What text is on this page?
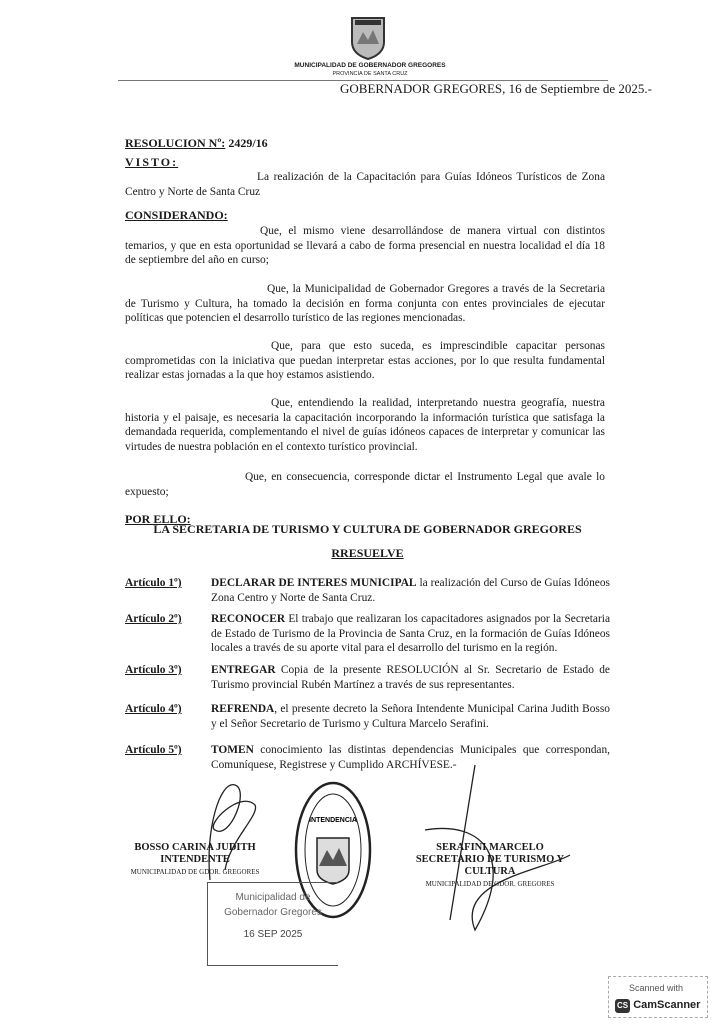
MUNICIPALIDAD DE GOBERNADOR GREGORES
PROVINCIA DE SANTA CRUZ
GOBERNADOR GREGORES, 16 de Septiembre de 2025.-
RESOLUCION Nº: 2429/16
VISTO:
La realización de la Capacitación para Guías Idóneos Turísticos de Zona Centro y Norte de Santa Cruz
CONSIDERANDO:
Que, el mismo viene desarrollándose de manera virtual con distintos temarios, y que en esta oportunidad se llevará a cabo de forma presencial en nuestra localidad el día 18 de septiembre del año en curso;
Que, la Municipalidad de Gobernador Gregores a través de la Secretaria de Turismo y Cultura, ha tomado la decisión en forma conjunta con entes provinciales de ejecutar políticas que potencien el desarrollo turístico de las regiones mencionadas.
Que, para que esto suceda, es imprescindible capacitar personas comprometidas con la iniciativa que puedan interpretar estas acciones, por lo que resulta fundamental realizar estas jornadas a la que hoy estamos asistiendo.
Que, entendiendo la realidad, interpretando nuestra geografía, nuestra historia y el paisaje, es necesaria la capacitación incorporando la información turística que satisfaga la demandada requerida, complementando el nivel de guías idóneos capaces de interpretar y comunicar las virtudes de nuestra población en el contexto turístico provincial.
Que, en consecuencia, corresponde dictar el Instrumento Legal que avale lo expuesto;
POR ELLO:
LA SECRETARIA DE TURISMO Y CULTURA DE GOBERNADOR GREGORES
RRESUELVE
Artículo 1º)	DECLARAR DE INTERES MUNICIPAL la realización del Curso de Guías Idóneos Zona Centro y Norte de Santa Cruz.
Artículo 2º)	RECONOCER El trabajo que realizaran los capacitadores asignados por la Secretaria de Estado de Turismo de la Provincia de Santa Cruz, en la formación de Guías Idóneos locales a través de su aporte vital para el desarrollo del turismo en la región.
Artículo 3º)	ENTREGAR Copia de la presente RESOLUCIÓN al Sr. Secretario de Estado de Turismo provincial Rubén Martínez a través de sus representantes.
Artículo 4º)	REFRENDA, el presente decreto la Señora Intendente Municipal Carina Judith Bosso y el Señor Secretario de Turismo y Cultura Marcelo Serafini.
Artículo 5º)	TOMEN conocimiento las distintas dependencias Municipales que correspondan, Comuníquese, Registrese y Cumplido ARCHÍVESE.-
BOSSO CARINA JUDITH
INTENDENTE
MUNICIPALIDAD DE GDOR. GREGORES
INTENDENCIA
Municipalidad de
Gobernador Gregores
16 SEP 2025
SERAFINI MARCELO
SECRETARIO DE TURISMO Y CULTURA
MUNICIPALIDAD DE GDOR. GREGORES
Scanned with
CS CamScanner
